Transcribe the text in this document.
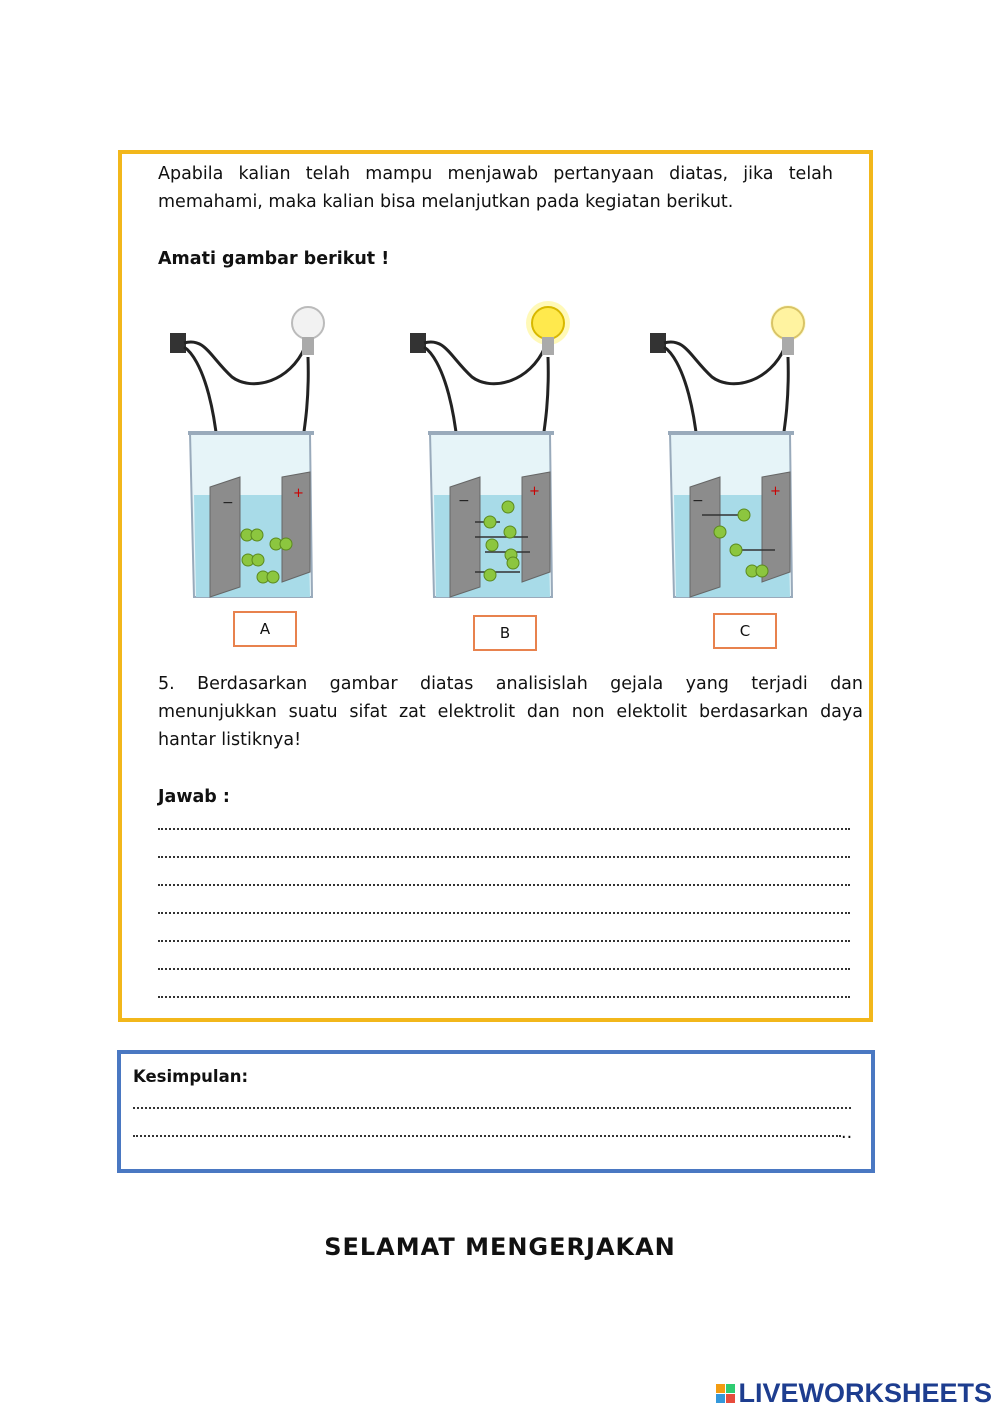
Apabila kalian telah mampu menjawab pertanyaan diatas, jika telah
memahami, maka kalian bisa melanjutkan pada kegiatan berikut.
Amati gambar berikut !
−
+	−
+
−
+
A	B	C
5. Berdasarkan gambar diatas analisislah gejala yang terjadi dan
menunjukkan suatu sifat zat elektrolit dan non elektolit berdasarkan daya
hantar listiknya!
Jawab :
Kesimpulan:
..
SELAMAT MENGERJAKAN
LIVEWORKSHEETS
